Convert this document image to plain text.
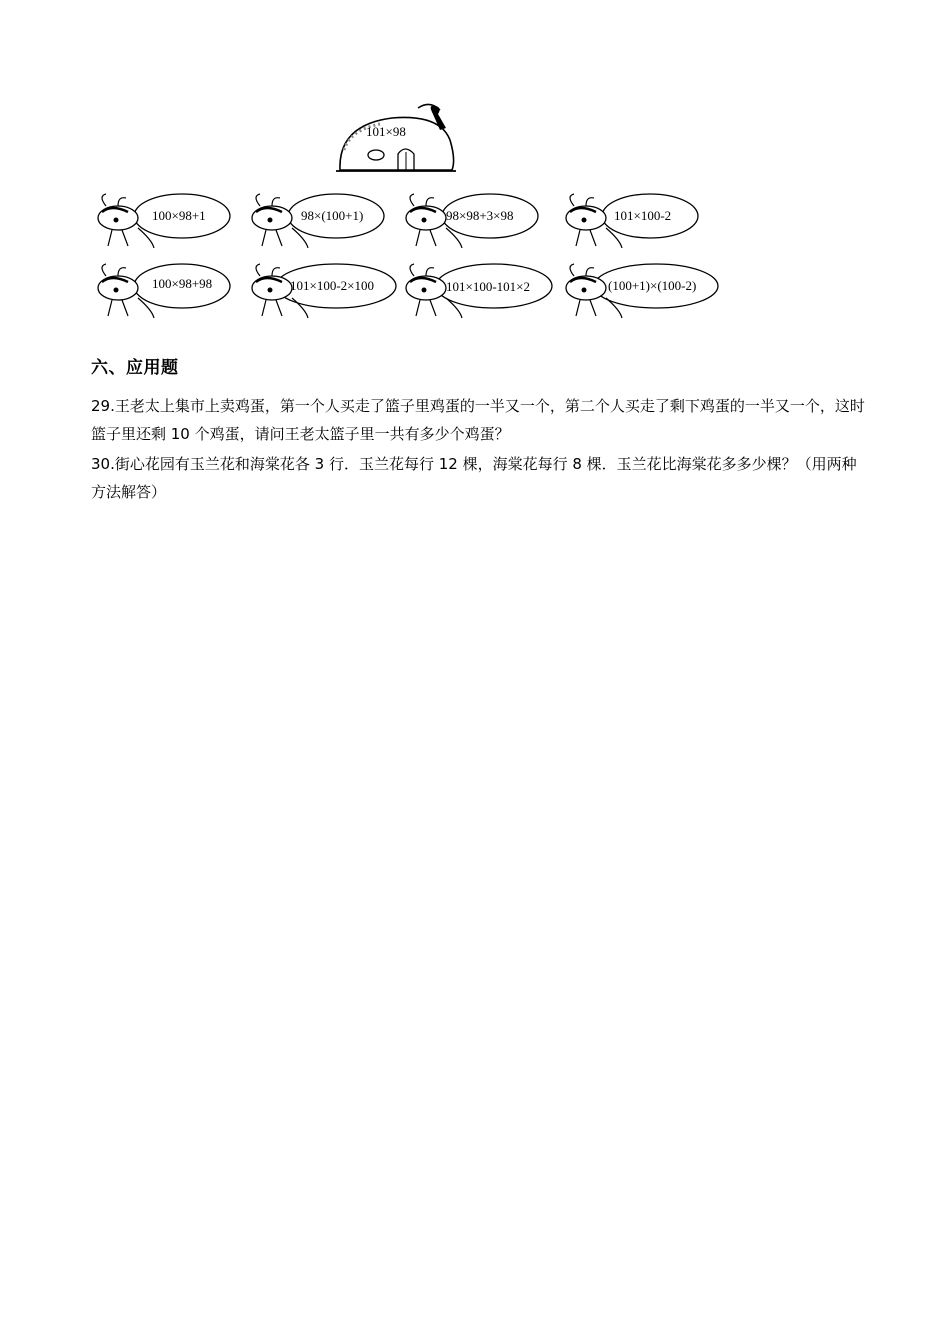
101×98
100×98+1	98×(100+1)	98×98+3×98	101×100-2
100×98+98	101×100-2×100	101×100-101×2	(100+1)×(100-2)
六、应用题
29.王老太上集市上卖鸡蛋，第一个人买走了篮子里鸡蛋的一半又一个，第二个人买走了剩下鸡蛋的一半又一个，这时篮子里还剩 10 个鸡蛋，请问王老太篮子里一共有多少个鸡蛋？
30.街心花园有玉兰花和海棠花各 3 行．玉兰花每行 12 棵，海棠花每行 8 棵．玉兰花比海棠花多多少棵？（用两种方法解答）
